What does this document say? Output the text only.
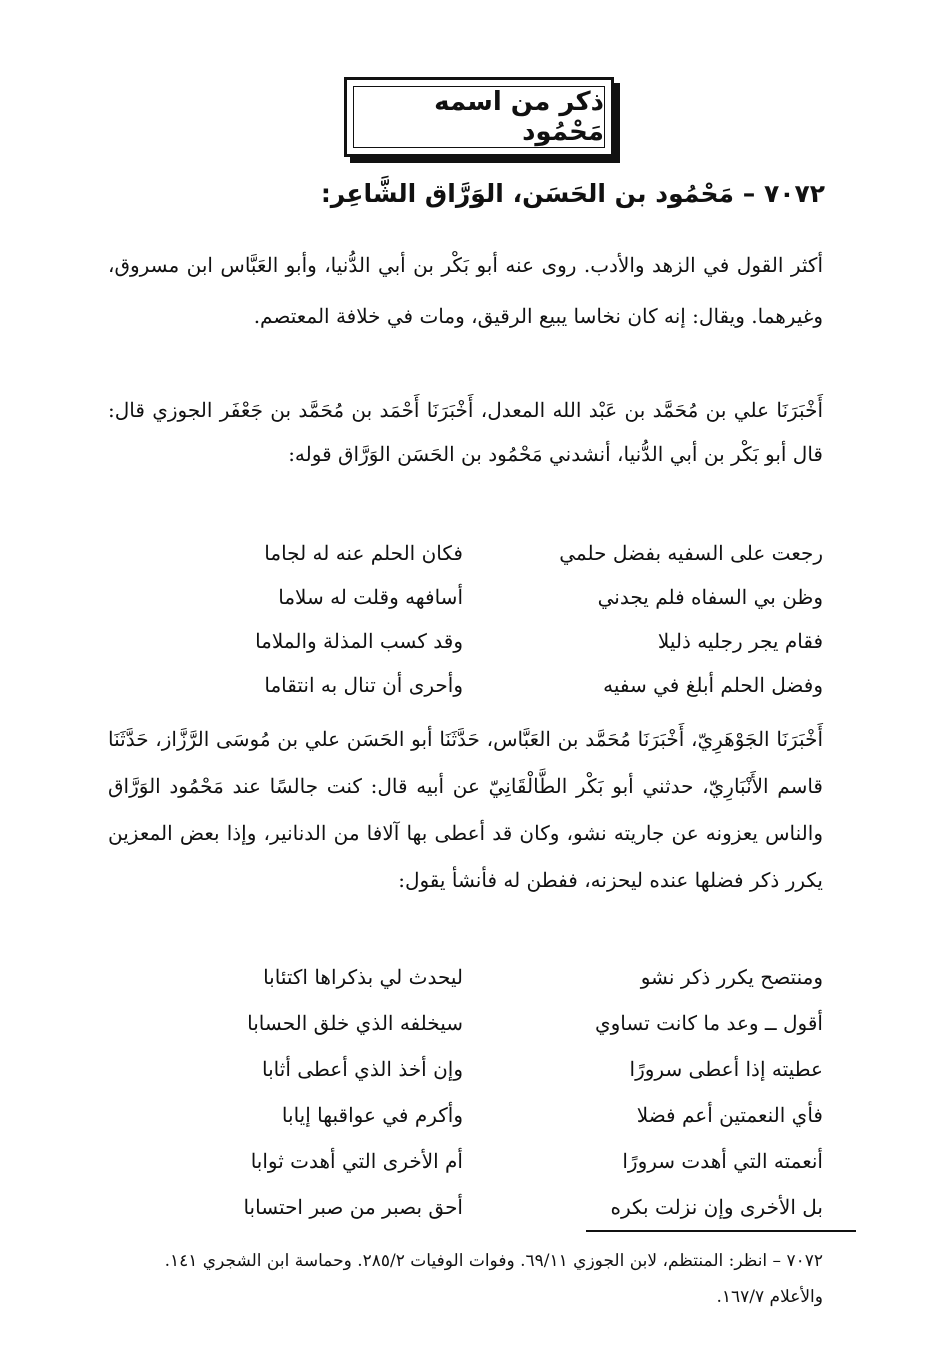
ذكر من اسمه مَحْمُود
٧٠٧٢ – مَحْمُود بن الحَسَن، الوَرَّاق الشَّاعِر:

أكثر القول في الزهد والأدب. روى عنه أبو بَكْر بن أبي الدُّنيا، وأبو العَبَّاس ابن مسروق، وغيرهما. ويقال: إنه كان نخاسا يبيع الرقيق، ومات في خلافة المعتصم.

أَخْبَرَنَا علي بن مُحَمَّد بن عَبْد الله المعدل، أَخْبَرَنَا أَحْمَد بن مُحَمَّد بن جَعْفَر الجوزي قال: قال أبو بَكْر بن أبي الدُّنيا، أنشدني مَحْمُود بن الحَسَن الوَرَّاق قوله:

رجعت على السفيه بفضل حلمي
فكان الحلم عنه له لجاما
وظن بي السفاه فلم يجدني
أسافهه وقلت له سلاما
فقام يجر رجليه ذليلا
وقد كسب المذلة والملاما
وفضل الحلم أبلغ في سفيه
وأحرى أن تنال به انتقاما

أَخْبَرَنَا الجَوْهَرِيّ، أَخْبَرَنَا مُحَمَّد بن العَبَّاس، حَدَّثَنَا أبو الحَسَن علي بن مُوسَى الرَّزَّاز، حَدَّثَنَا قاسم الأَنْبَارِيّ، حدثني أبو بَكْر الطَّالْقَانِيّ عن أبيه قال: كنت جالسًا عند مَحْمُود الوَرَّاق والناس يعزونه عن جاريته نشو، وكان قد أعطى بها آلافا من الدنانير، وإذا بعض المعزين يكرر ذكر فضلها عنده ليحزنه، ففطن له فأنشأ يقول:

ومنتصح يكرر ذكر نشو
ليحدث لي بذكراها اكتئابا
أقول ــ وعد ما كانت تساوي
سيخلفه الذي خلق الحسابا
عطيته إذا أعطى سرورًا
وإن أخذ الذي أعطى أثابا
فأي النعمتين أعم فضلا
وأكرم في عواقبها إيابا
أنعمته التي أهدت سرورًا
أم الأخرى التي أهدت ثوابا
بل الأخرى وإن نزلت بكره
أحق بصبر من صبر احتسابا

٧٠٧٢ – انظر: المنتظم، لابن الجوزي ٦٩/١١. وفوات الوفيات ٢٨٥/٢. وحماسة ابن الشجري ١٤١.

والأعلام ١٦٧/٧.
